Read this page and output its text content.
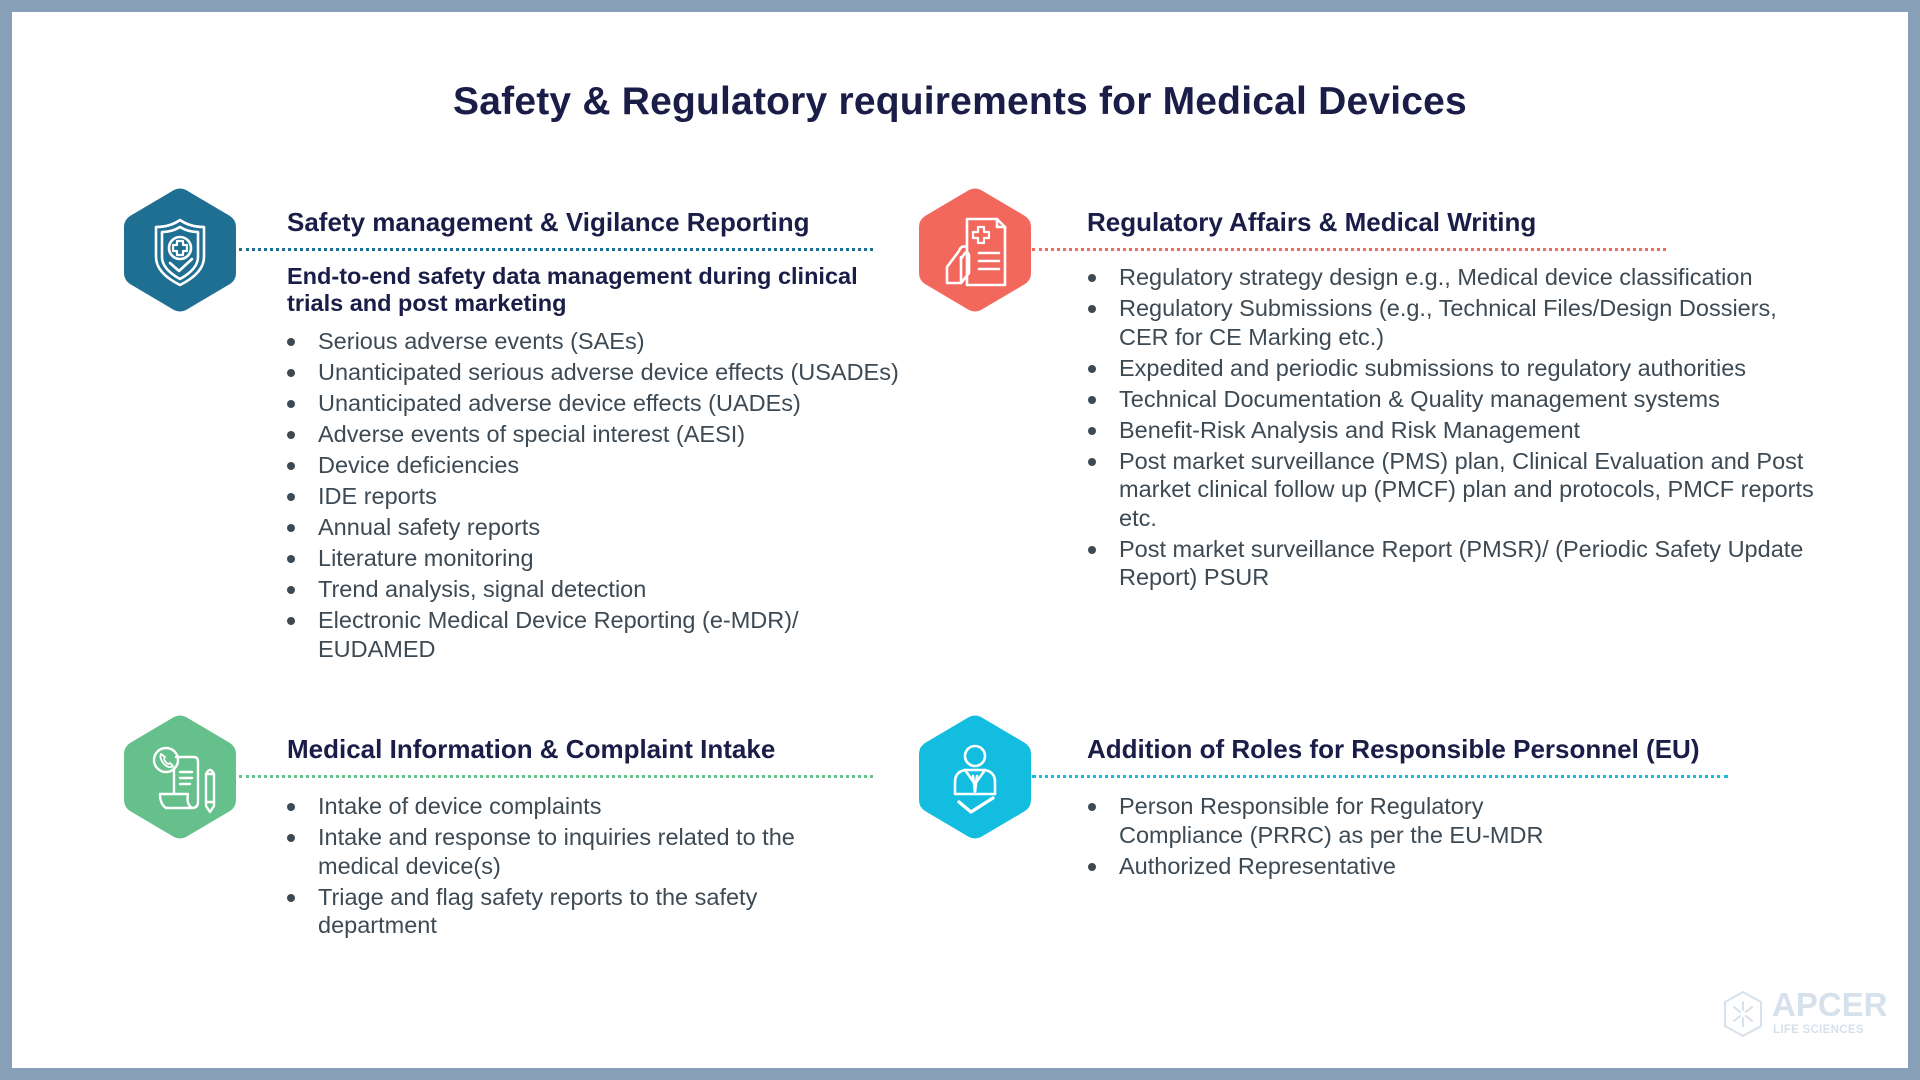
Safety & Regulatory requirements for Medical Devices
Safety management & Vigilance Reporting
End-to-end safety data management during clinical trials and post marketing
Serious adverse events (SAEs)
Unanticipated serious adverse device effects (USADEs)
Unanticipated adverse device effects (UADEs)
Adverse events of special interest (AESI)
Device deficiencies
IDE reports
Annual safety reports
Literature monitoring
Trend analysis, signal detection
Electronic Medical Device Reporting (e-MDR)/ EUDAMED
Regulatory Affairs & Medical Writing
Regulatory strategy design e.g., Medical device classification
Regulatory Submissions (e.g., Technical Files/Design Dossiers, CER for CE Marking etc.)
Expedited and periodic submissions to regulatory authorities
Technical Documentation & Quality management systems
Benefit-Risk Analysis and Risk Management
Post market surveillance (PMS) plan, Clinical Evaluation and Post market clinical follow up (PMCF) plan and protocols, PMCF reports etc.
Post market surveillance Report (PMSR)/ (Periodic Safety Update Report) PSUR
Medical Information & Complaint Intake
Intake of device complaints
Intake and response to inquiries related to the medical device(s)
Triage and flag safety reports to the safety department
Addition of Roles for Responsible Personnel (EU)
Person Responsible for Regulatory Compliance (PRRC) as per the EU-MDR
Authorized Representative
APCER
LIFE SCIENCES
